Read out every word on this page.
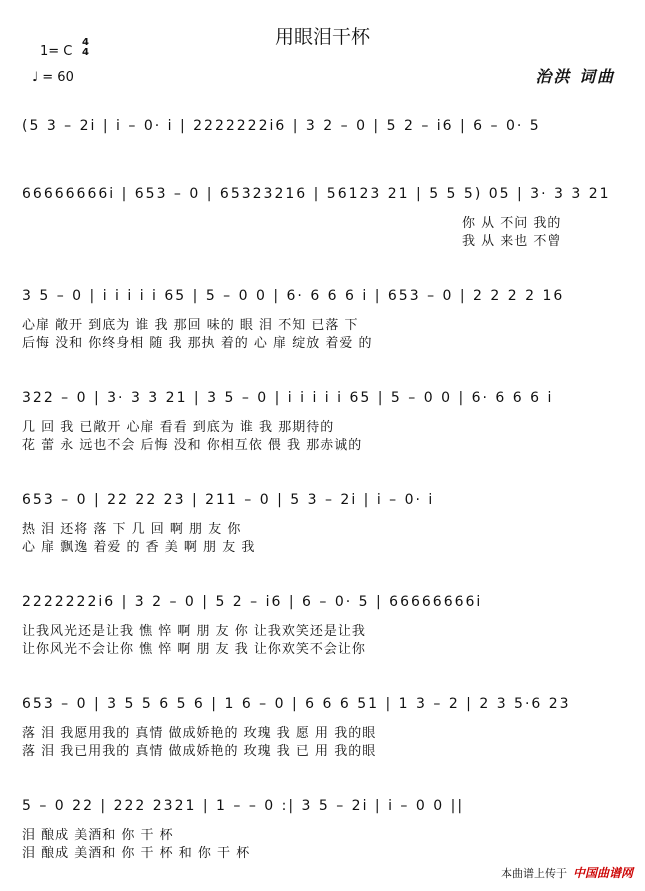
用眼泪干杯
1= C
4
4
♩ = 60	治洪 词曲
(5 3 – 2i | i – 0· i | 2222222i6 | 3 2 – 0 | 5 2 – i6 | 6 – 0· 5
66666666i | 653 – 0 | 65323216 | 56123 21 | 5 5 5) 05 | 3· 3 3 21
你 从 不问 我的
我 从 来也 不曾
3 5 – 0 | i i i i i 65 | 5 – 0 0 | 6· 6 6 6 i | 653 – 0 | 2 2 2 2 16
心扉 敞开 到底为 谁 我 那回 味的 眼 泪 不知 已落 下
后悔 没和 你终身相 随 我 那执 着的 心 扉 绽放 着爱 的
322 – 0 | 3· 3 3 21 | 3 5 – 0 | i i i i i 65 | 5 – 0 0 | 6· 6 6 6 i
几 回 我 已敞开 心扉 看看 到底为 谁 我 那期待的
花 蕾 永 远也不会 后悔 没和 你相互依 偎 我 那赤诚的
653 – 0 | 22 22 23 | 211 – 0 | 5 3 – 2i | i – 0· i
热 泪 还将 落 下 几 回 啊 朋 友 你
心 扉 飘逸 着爱 的 香 美 啊 朋 友 我
2222222i6 | 3 2 – 0 | 5 2 – i6 | 6 – 0· 5 | 66666666i
让我风光还是让我 憔 悴 啊 朋 友 你 让我欢笑还是让我
让你风光不会让你 憔 悴 啊 朋 友 我 让你欢笑不会让你
653 – 0 | 3 5 5 6 5 6 | 1 6 – 0 | 6 6 6 51 | 1 3 – 2 | 2 3 5·6 23
落 泪 我愿用我的 真情 做成娇艳的 玫瑰 我 愿 用 我的眼
落 泪 我已用我的 真情 做成娇艳的 玫瑰 我 已 用 我的眼
5 – 0 22 | 222 2321 | 1 – – 0 :| 3 5 – 2i | i – 0 0 ||
泪 酿成 美酒和 你 干 杯
泪 酿成 美酒和 你 干 杯 和 你 干 杯
本曲谱上传于 中国曲谱网
